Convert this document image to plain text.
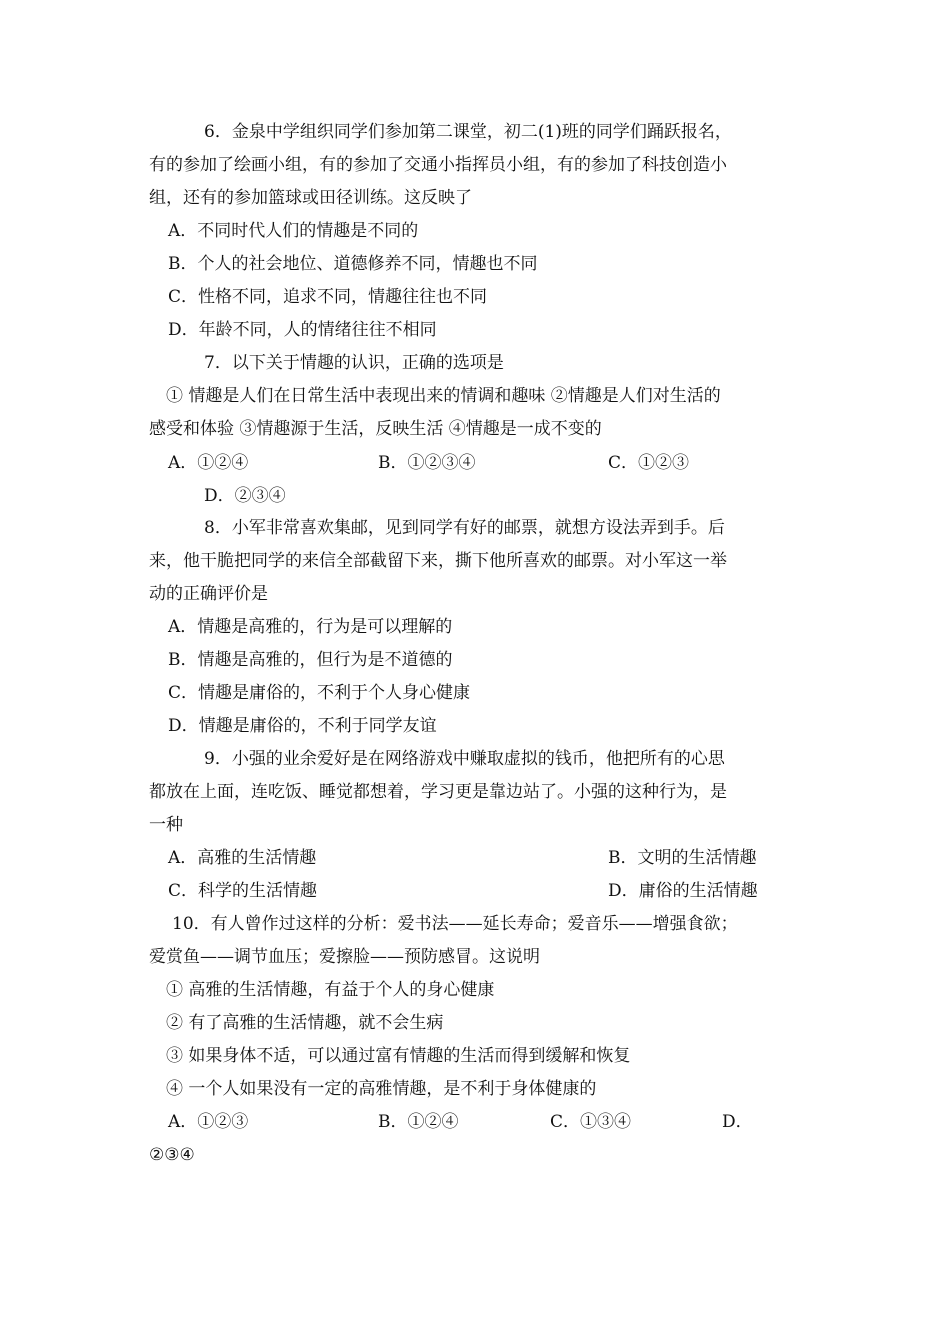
6．金泉中学组织同学们参加第二课堂，初二(1)班的同学们踊跃报名，
有的参加了绘画小组，有的参加了交通小指挥员小组，有的参加了科技创造小
组，还有的参加篮球或田径训练。这反映了
A．不同时代人们的情趣是不同的
B．个人的社会地位、道德修养不同，情趣也不同
C．性格不同，追求不同，情趣往往也不同
D．年龄不同，人的情绪往往不相同
7．以下关于情趣的认识，正确的选项是
① 情趣是人们在日常生活中表现出来的情调和趣味 ②情趣是人们对生活的
感受和体验 ③情趣源于生活，反映生活 ④情趣是一成不变的
A．①②④	B．①②③④	C．①②③
D．②③④
8．小军非常喜欢集邮，见到同学有好的邮票，就想方设法弄到手。后
来，他干脆把同学的来信全部截留下来，撕下他所喜欢的邮票。对小军这一举
动的正确评价是
A．情趣是高雅的，行为是可以理解的
B．情趣是高雅的，但行为是不道德的
C．情趣是庸俗的，不利于个人身心健康
D．情趣是庸俗的，不利于同学友谊
9．小强的业余爱好是在网络游戏中赚取虚拟的钱币，他把所有的心思
都放在上面，连吃饭、睡觉都想着，学习更是靠边站了。小强的这种行为，是
一种
A．高雅的生活情趣	B．文明的生活情趣
C．科学的生活情趣	D．庸俗的生活情趣
10．有人曾作过这样的分析：爱书法——延长寿命；爱音乐——增强食欲；
爱赏鱼——调节血压；爱擦脸——预防感冒。这说明
① 高雅的生活情趣，有益于个人的身心健康
② 有了高雅的生活情趣，就不会生病
③ 如果身体不适，可以通过富有情趣的生活而得到缓解和恢复
④ 一个人如果没有一定的高雅情趣，是不利于身体健康的
A．①②③	B．①②④	C．①③④	D．
②③④
